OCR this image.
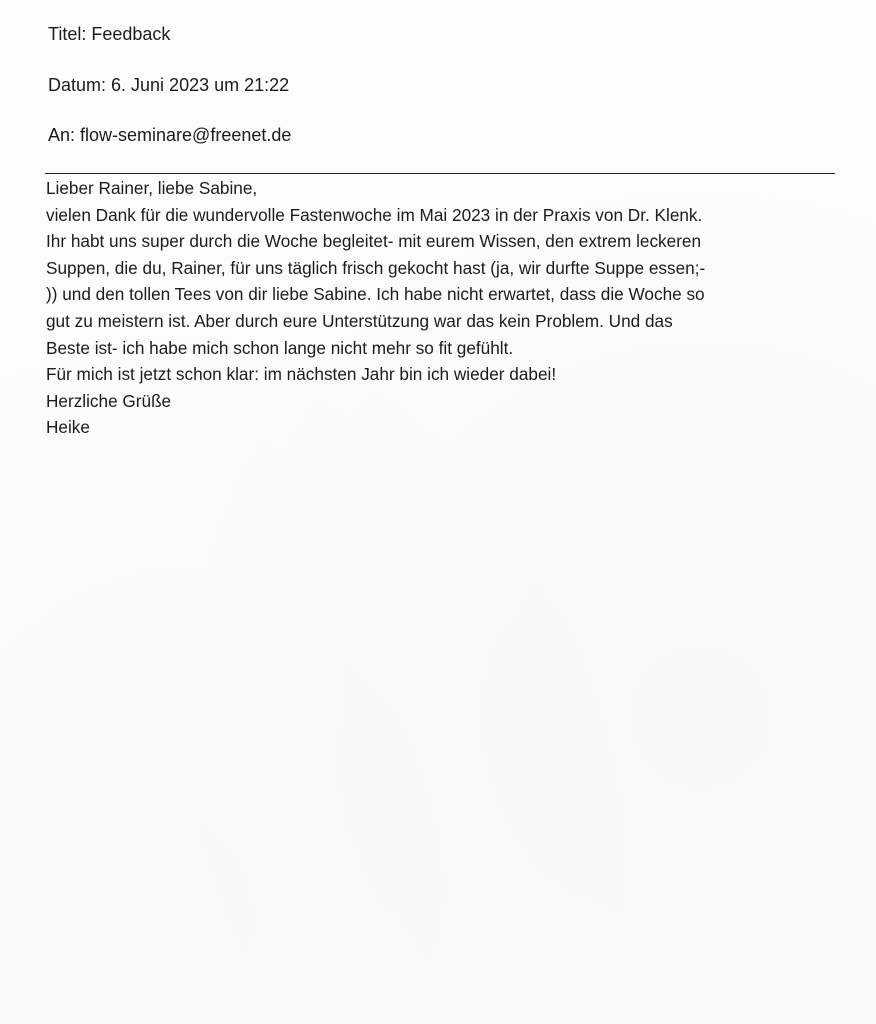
Titel: Feedback
Datum: 6. Juni 2023 um 21:22
An: flow-seminare@freenet.de
Lieber Rainer, liebe Sabine,
vielen Dank für die wundervolle Fastenwoche im Mai 2023 in der Praxis von Dr. Klenk.
Ihr habt uns super durch die Woche begleitet- mit eurem Wissen, den extrem leckeren
Suppen, die du, Rainer, für uns täglich frisch gekocht hast (ja, wir durfte Suppe essen;-
)) und den tollen Tees von dir liebe Sabine. Ich habe nicht erwartet, dass die Woche so
gut zu meistern ist. Aber durch eure Unterstützung war das kein Problem. Und das
Beste ist- ich habe mich schon lange nicht mehr so fit gefühlt.
Für mich ist jetzt schon klar: im nächsten Jahr bin ich wieder dabei!
Herzliche Grüße
Heike
